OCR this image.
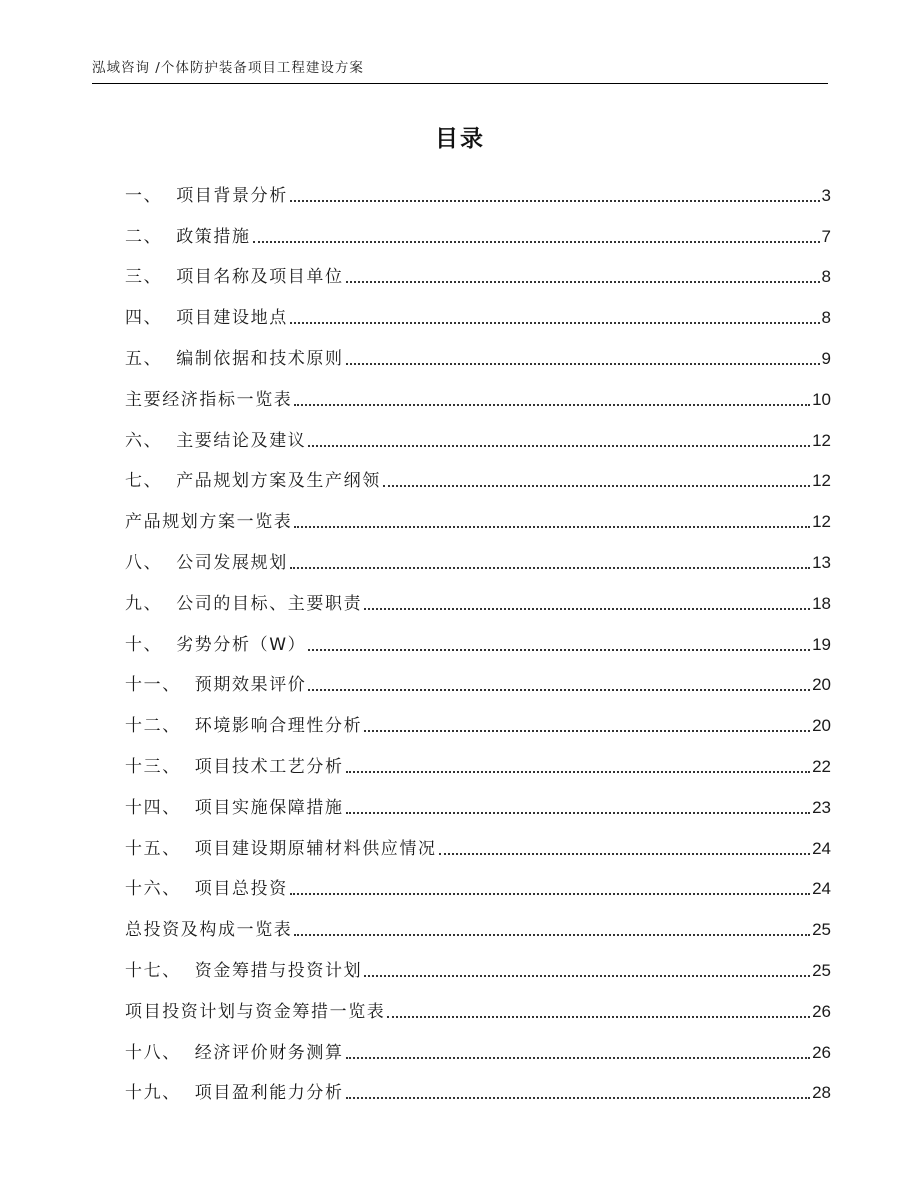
泓域咨询 /个体防护装备项目工程建设方案
目录
一、  项目背景分析	3
二、  政策措施	7
三、  项目名称及项目单位	8
四、  项目建设地点	8
五、  编制依据和技术原则	9
主要经济指标一览表	10
六、  主要结论及建议	12
七、  产品规划方案及生产纲领	12
产品规划方案一览表	12
八、  公司发展规划	13
九、  公司的目标、主要职责	18
十、  劣势分析（W）	19
十一、  预期效果评价	20
十二、  环境影响合理性分析	20
十三、  项目技术工艺分析	22
十四、  项目实施保障措施	23
十五、  项目建设期原辅材料供应情况	24
十六、  项目总投资	24
总投资及构成一览表	25
十七、  资金筹措与投资计划	25
项目投资计划与资金筹措一览表	26
十八、  经济评价财务测算	26
十九、  项目盈利能力分析	28
